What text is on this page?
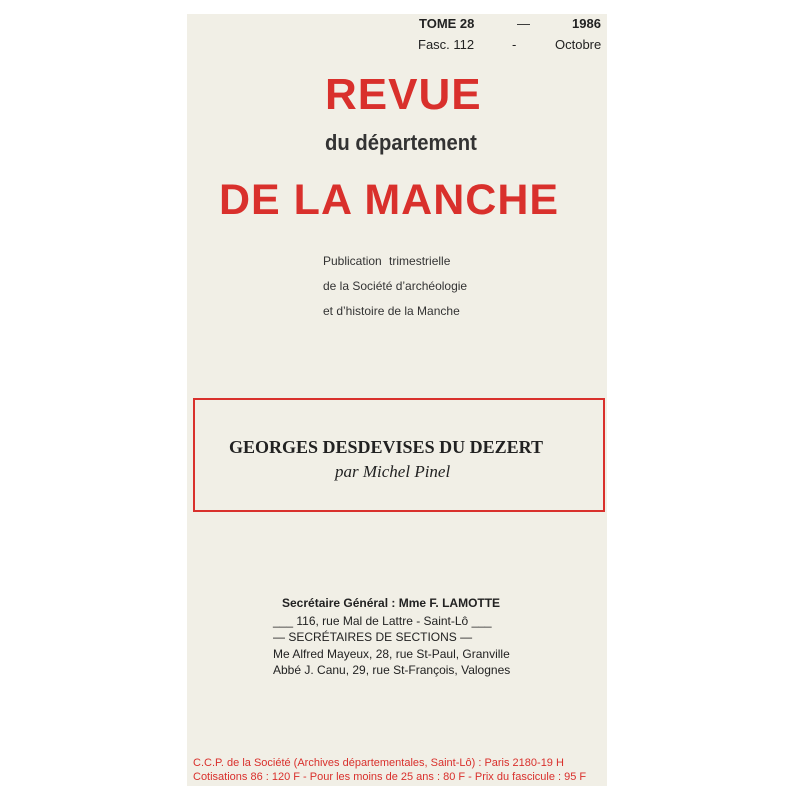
TOME 28	—	1986
Fasc. 112	-	Octobre
REVUE
du département
DE LA MANCHE
Publication trimestrielle
de la Société d’archéologie
et d’histoire de la Manche
GEORGES DESDEVISES DU DEZERT
par Michel Pinel
Secrétaire Général : Mme F. LAMOTTE
___ 116, rue Mal de Lattre - Saint-Lô ___
— SECRÉTAIRES DE SECTIONS —
Me Alfred Mayeux, 28, rue St-Paul, Granville
Abbé J. Canu, 29, rue St-François, Valognes
C.C.P. de la Société (Archives départementales, Saint-Lô) : Paris 2180-19 H
Cotisations 86 : 120 F - Pour les moins de 25 ans : 80 F - Prix du fascicule : 95 F
